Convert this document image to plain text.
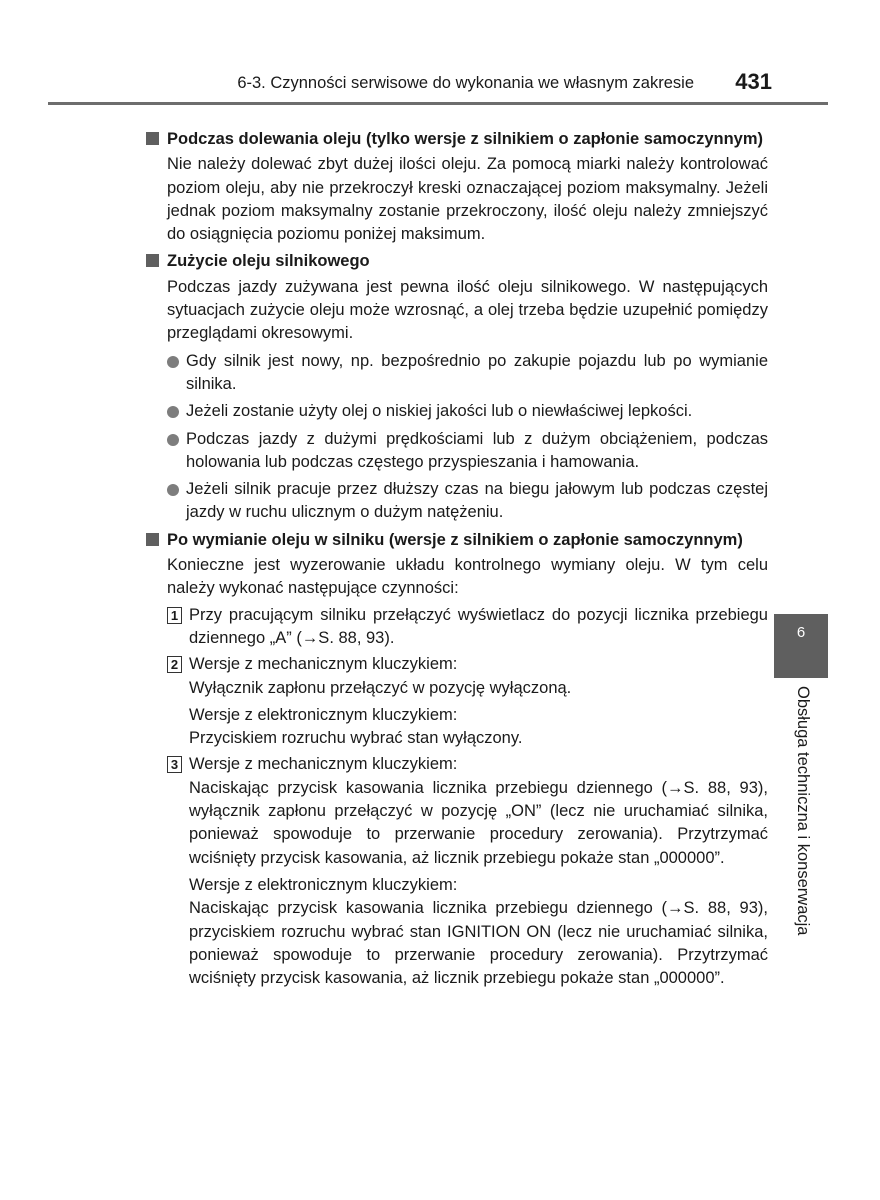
6-3. Czynności serwisowe do wykonania we własnym zakresie 431
Podczas dolewania oleju (tylko wersje z silnikiem o zapłonie samoczynnym)

Nie należy dolewać zbyt dużej ilości oleju. Za pomocą miarki należy kontrolować poziom oleju, aby nie przekroczył kreski oznaczającej poziom maksymalny. Jeżeli jednak poziom maksymalny zostanie przekroczony, ilość oleju należy zmniejszyć do osiągnięcia poziomu poniżej maksimum.

Zużycie oleju silnikowego

Podczas jazdy zużywana jest pewna ilość oleju silnikowego. W następujących sytuacjach zużycie oleju może wzrosnąć, a olej trzeba będzie uzupełnić pomiędzy przeglądami okresowymi.

Gdy silnik jest nowy, np. bezpośrednio po zakupie pojazdu lub po wymianie silnika.
Jeżeli zostanie użyty olej o niskiej jakości lub o niewłaściwej lepkości.
Podczas jazdy z dużymi prędkościami lub z dużym obciążeniem, podczas holowania lub podczas częstego przyspieszania i hamowania.
Jeżeli silnik pracuje przez dłuższy czas na biegu jałowym lub podczas częstej jazdy w ruchu ulicznym o dużym natężeniu.
Po wymianie oleju w silniku (wersje z silnikiem o zapłonie samoczynnym)

Konieczne jest wyzerowanie układu kontrolnego wymiany oleju. W tym celu należy wykonać następujące czynności:

1 Przy pracującym silniku przełączyć wyświetlacz do pozycji licznika przebiegu dziennego „A” (→S. 88, 93).
2 Wersje z mechanicznym kluczykiem:
Wyłącznik zapłonu przełączyć w pozycję wyłączoną.
Wersje z elektronicznym kluczykiem:
Przyciskiem rozruchu wybrać stan wyłączony.
3 Wersje z mechanicznym kluczykiem:
Naciskając przycisk kasowania licznika przebiegu dziennego (→S. 88, 93), wyłącznik zapłonu przełączyć w pozycję „ON” (lecz nie uruchamiać silnika, ponieważ spowoduje to przerwanie procedury zerowania). Przytrzymać wciśnięty przycisk kasowania, aż licznik przebiegu pokaże stan „000000”.
Wersje z elektronicznym kluczykiem:
Naciskając przycisk kasowania licznika przebiegu dziennego (→S. 88, 93), przyciskiem rozruchu wybrać stan IGNITION ON (lecz nie uruchamiać silnika, ponieważ spowoduje to przerwanie procedury zerowania). Przytrzymać wciśnięty przycisk kasowania, aż licznik przebiegu pokaże stan „000000”.
6
Obsługa techniczna i konserwacja
